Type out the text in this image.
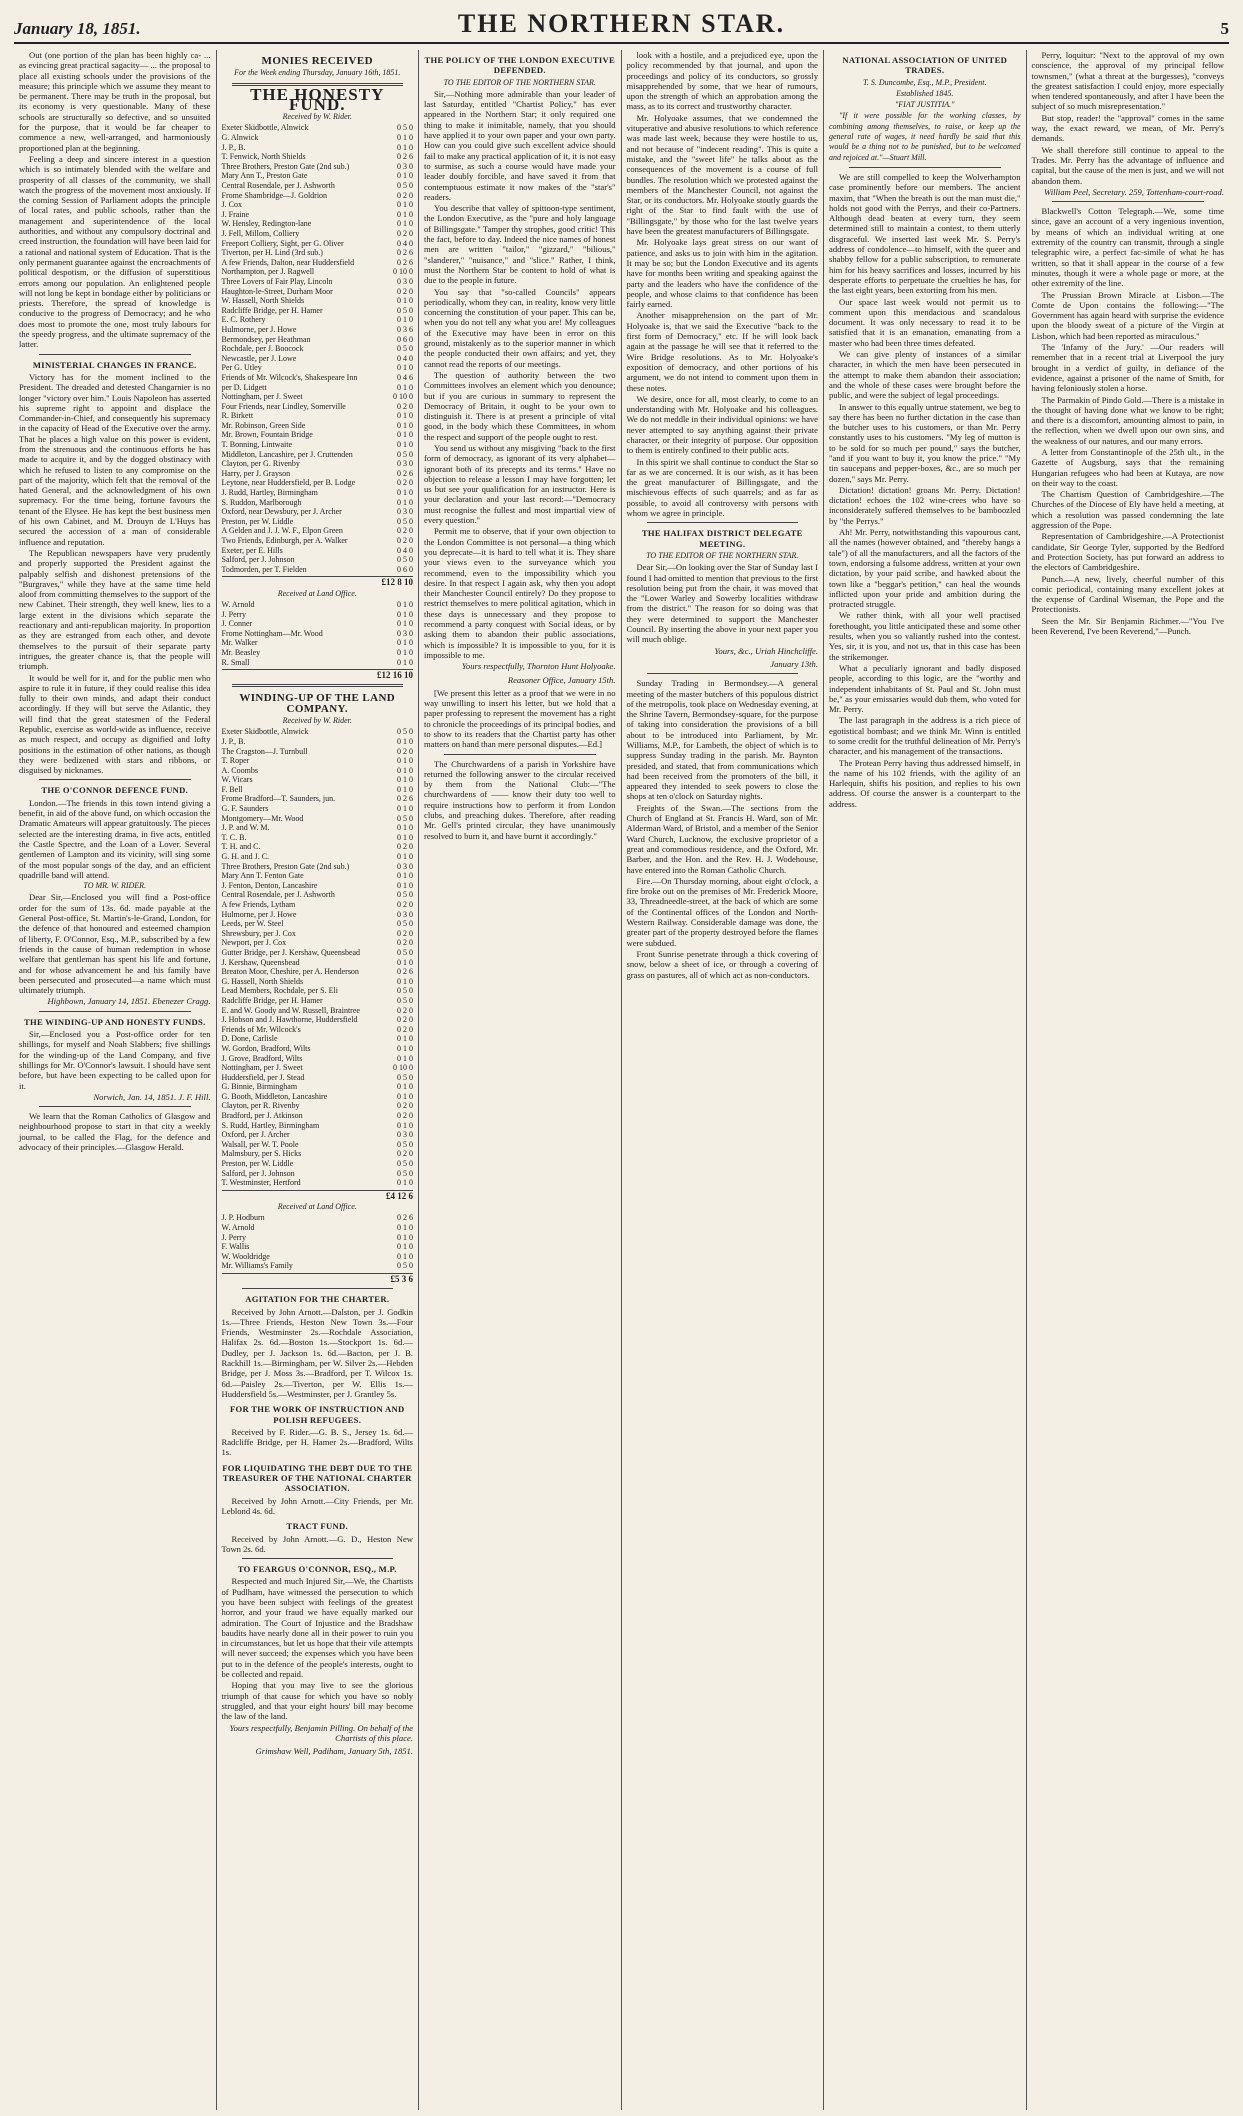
January 18, 1851.	THE NORTHERN STAR.	5

Out (one portion of the plan has been highly ca- ... as evincing great practical sagacity— ... the proposal to place all existing schools under the provisions of the measure; this principle which we assume they meant to be permanent. There may be truth in the proposal, but its economy is very questionable. Many of these schools are structurally so defective, and so unsuited for the purpose, that it would be far cheaper to commence a new, well-arranged, and harmoniously proportioned plan at the beginning.

Feeling a deep and sincere interest in a question which is so intimately blended with the welfare and prosperity of all classes of the community, we shall watch the progress of the movement most anxiously. If the coming Session of Parliament adopts the principle of local rates, and public schools, rather than the management and superintendence of the local authorities, and without any compulsory doctrinal and creed instruction, the foundation will have been laid for a rational and national system of Education. That is the only permanent guarantee against the encroachments of political despotism, or the diffusion of superstitious errors among our population. An enlightened people will not long be kept in bondage either by politicians or priests. Therefore, the spread of knowledge is conducive to the progress of Democracy; and he who does most to promote the one, most truly labours for the speedy progress, and the ultimate supremacy of the latter.

MINISTERIAL CHANGES IN FRANCE.

Victory has for the moment inclined to the President. The dreaded and detested Changarnier is no longer "victory over him." Louis Napoleon has asserted his supreme right to appoint and displace the Commander-in-Chief, and consequently his supremacy in the capacity of Head of the Executive over the army. That he places a high value on this power is evident, from the strenuous and the continuous efforts he has made to acquire it, and by the dogged obstinacy with which he refused to listen to any compromise on the part of the majority, which felt that the removal of the hated General, and the acknowledgment of his own supremacy. For the time being, fortune favours the tenant of the Elysee. He has kept the best business men of his own Cabinet, and M. Drouyn de L'Huys has secured the accession of a man of considerable influence and reputation.

The Republican newspapers have very prudently and properly supported the President against the palpably selfish and dishonest pretensions of the "Burgraves," while they have at the same time held aloof from committing themselves to the support of the new Cabinet. Their strength, they well knew, lies to a large extent in the divisions which separate the reactionary and anti-republican majority. In proportion as they are estranged from each other, and devote themselves to the pursuit of their separate party intrigues, the greater chance is, that the people will triumph.

It would be well for it, and for the public men who aspire to rule it in future, if they could realise this idea fully to their own minds, and adapt their conduct accordingly. If they will but serve the Atlantic, they will find that the great statesmen of the Federal Republic, exercise as world-wide as influence, receive as much respect, and occupy as dignified and lofty positions in the estimation of other nations, as though they were bedizened with stars and ribbons, or disguised by nicknames.

THE O'CONNOR DEFENCE FUND.

London.—The friends in this town intend giving a benefit, in aid of the above fund, on which occasion the Dramatic Amateurs will appear gratuitously. The pieces selected are the interesting drama, in five acts, entitled the Castle Spectre, and the Loan of a Lover. Several gentlemen of Lampton and its vicinity, will sing some of the most popular songs of the day, and an efficient quadrille band will attend.

TO MR. W. RIDER.

Dear Sir,—Enclosed you will find a Post-office order for the sum of 13s. 6d. made payable at the General Post-office, St. Martin's-le-Grand, London, for the defence of that honoured and esteemed champion of liberty, F. O'Connor, Esq., M.P., subscribed by a few friends in the cause of human redemption in whose welfare that gentleman has spent his life and fortune, and for whose advancement he and his family have been persecuted and prosecuted—a name which must ultimately triumph.

Highbown, January 14, 1851. Ebenezer Cragg.
THE WINDING-UP AND HONESTY FUNDS.

Sir,—Enclosed you a Post-office order for ten shillings, for myself and Noah Slabbers; five shillings for the winding-up of the Land Company, and five shillings for Mr. O'Connor's lawsuit. I should have sent before, but have been expecting to be called upon for it.

Norwich, Jan. 14, 1851. J. F. Hill.

We learn that the Roman Catholics of Glasgow and neighbourhood propose to start in that city a weekly journal, to be called the Flag, for the defence and advocacy of their principles.—Glasgow Herald.

MONIES RECEIVED
For the Week ending Thursday, January 16th, 1851.
THE HONESTY FUND.
Received by W. Rider.
Exeter Skidbottle, Alnwick	0 5 0
G. Alnwick	0 1 0
J. P., B.	0 1 0
T. Fenwick, North Shields	0 2 6
Three Brothers, Preston Gate (2nd sub.)	0 3 0
Mary Ann T., Preston Gate	0 1 0
Central Rosendale, per J. Ashworth	0 5 0
Frome Shambridge—J. Goldrion	0 2 0
J. Cox	0 1 0
J. Fraine	0 1 0
W. Hensley, Redington-lane	0 1 0
J. Fell, Millom, Colliery	0 2 0
Freeport Colliery, Sight, per G. Oliver	0 4 0
Tiverton, per H. Lind (3rd sub.)	0 2 6
A few Friends, Dalton, near Huddersfield	0 2 6
Northampton, per J. Ragwell	0 10 0
Three Lovers of Fair Play, Lincoln	0 3 0
Haughton-le-Street, Durham Moor	0 2 0
W. Hassell, North Shields	0 1 0
Radcliffe Bridge, per H. Hamer	0 5 0
E. C. Rothery	0 1 0
Hulmorne, per J. Howe	0 3 6
Bermondsey, per Heathman	0 6 0
Rochdale, per J. Boocock	0 5 0
Newcastle, per J. Lowe	0 4 0
Per G. Utley	0 1 0
Friends of Mr. Wilcock's, Shakespeare Inn	0 4 6
per D. Lidgett	0 1 0
Nottingham, per J. Sweet	0 10 0
Four Friends, near Lindley, Somerville	0 2 0
R. Birkett	0 1 0
Mr. Robinson, Green Side	0 1 0
Mr. Brown, Fountain Bridge	0 1 0
T. Bonning, Lintwaite	0 1 0
Middleton, Lancashire, per J. Cruttenden	0 5 0
Clayton, per G. Rivenby	0 3 0
Harry, per J. Grayson	0 2 6
Leytone, near Huddersfield, per B. Lodge	0 2 0
J. Rudd, Hartley, Birmingham	0 1 0
S. Ruddon, Marlborough	0 1 0
Oxford, near Dewsbury, per J. Archer	0 3 0
Preston, per W. Liddle	0 5 0
A Gelden and J. J. W. F., Elpon Green	0 2 0
Two Friends, Edinburgh, per A. Walker	0 2 0
Exeter, per E. Hills	0 4 0
Salford, per J. Johnson	0 5 0
Todmorden, per T. Fielden	0 6 0
£12 8 10
Received at Land Office.
W. Arnold	0 1 0
J. Perry	0 1 0
J. Conner	0 1 0
Frome Nottingham—Mr. Wood	0 3 0
Mr. Walker	0 1 0
Mr. Beasley	0 1 0
R. Small	0 1 0
£12 16 10
WINDING-UP OF THE LAND COMPANY.
Received by W. Rider.
Exeter Skidbottle, Alnwick	0 5 0
J. P., B.	0 1 0
The Cragston—J. Turnbull	0 2 0
T. Roper	0 1 0
A. Coombs	0 1 0
W. Vicars	0 1 0
F. Bell	0 1 0
Frome Bradford—T. Saunders, jun.	0 2 6
G. F. Saunders	0 1 0
Montgomery—Mr. Wood	0 5 0
J. P. and W. M.	0 1 0
T. C. B.	0 1 0
T. H. and C.	0 2 0
G. H. and J. C.	0 1 0
Three Brothers, Preston Gate (2nd sub.)	0 3 0
Mary Ann T. Fenton Gate	0 1 0
J. Fenton, Denton, Lancashire	0 1 0
Central Rosendale, per J. Ashworth	0 5 0
A few Friends, Lytham	0 2 0
Hulmorne, per J. Howe	0 3 0
Leeds, per W. Steel	0 5 0
Shrewsbury, per J. Cox	0 2 0
Newport, per J. Cox	0 2 0
Gutter Bridge, per J. Kershaw, Queensbead	0 5 0
J. Kershaw, Queensbead	0 1 0
Breaton Moor, Cheshire, per A. Henderson	0 2 6
G. Hassell, North Shields	0 1 0
Lead Members, Rochdale, per S. Eli	0 5 0
Radcliffe Bridge, per H. Hamer	0 5 0
E. and W. Goody and W. Russell, Braintree	0 2 0
J. Hobson and J. Hawthorne, Huddersfield	0 2 0
Friends of Mr. Wilcock's	0 2 0
D. Done, Carlisle	0 1 0
W. Gordon, Bradford, Wilts	0 1 0
J. Grove, Bradford, Wilts	0 1 0
Nottingham, per J. Sweet	0 10 0
Huddersfield, per J. Stead	0 5 0
G. Binnie, Birmingham	0 1 0
G. Booth, Middleton, Lancashire	0 1 0
Clayton, per R. Rivenby	0 2 0
Bradford, per J. Atkinson	0 2 0
S. Rudd, Hartley, Birmingham	0 1 0
Oxford, per J. Archer	0 3 0
Walsall, per W. T. Poole	0 5 0
Malmsbury, per S. Hicks	0 2 0
Preston, per W. Liddle	0 5 0
Salford, per J. Johnson	0 5 0
T. Westminster, Hertford	0 1 0
£4 12 6
Received at Land Office.
J. P. Hodburn	0 2 6
W. Arnold	0 1 0
J. Perry	0 1 0
F. Wallis	0 1 0
W. Wooldridge	0 1 0
Mr. Williams's Family	0 5 0
£5 3 6
AGITATION FOR THE CHARTER.

Received by John Arnott.—Dalston, per J. Godkin 1s.—Three Friends, Heston New Town 3s.—Four Friends, Westminster 2s.—Rochdale Association, Halifax 2s. 6d.—Boston 1s.—Stockport 1s. 6d.—Dudley, per J. Jackson 1s. 6d.—Bacton, per J. B. Rackhill 1s.—Birmingham, per W. Silver 2s.—Hebden Bridge, per J. Moss 3s.—Bradford, per T. Wilcox 1s. 6d.—Paisley 2s.—Tiverton, per W. Ellis 1s.—Huddersfield 5s.—Westminster, per J. Grantley 5s.

FOR THE WORK OF INSTRUCTION AND POLISH REFUGEES.

Received by F. Rider.—G. B. S., Jersey 1s. 6d.—Radcliffe Bridge, per H. Hamer 2s.—Bradford, Wilts 1s.

FOR LIQUIDATING THE DEBT DUE TO THE TREASURER OF THE NATIONAL CHARTER ASSOCIATION.

Received by John Arnott.—City Friends, per Mr. Leblond 4s. 6d.

TRACT FUND.

Received by John Arnott.—G. D., Heston New Town 2s. 6d.

TO FEARGUS O'CONNOR, ESQ., M.P.

Respected and much Injured Sir,—We, the Chartists of Pudlham, have witnessed the persecution to which you have been subject with feelings of the greatest horror, and your fraud we have equally marked our admiration. The Court of Injustice and the Bradshaw baudits have nearly done all in their power to ruin you in circumstances, but let us hope that their vile attempts will never succeed; the expenses which you have been put to in the defence of the people's interests, ought to be collected and repaid.

Hoping that you may live to see the glorious triumph of that cause for which you have so nobly struggled, and that your eight hours' bill may become the law of the land.

Yours respectfully, Benjamin Pilling. On behalf of the Chartists of this place.
Grimshaw Well, Padiham, January 5th, 1851.
THE POLICY OF THE LONDON EXECUTIVE DEFENDED.
TO THE EDITOR OF THE NORTHERN STAR.

Sir,—Nothing more admirable than your leader of last Saturday, entitled "Chartist Policy," has ever appeared in the Northern Star; it only required one thing to make it inimitable, namely, that you should have applied it to your own paper and your own party. How can you could give such excellent advice should fail to make any practical application of it, it is not easy to surmise, as such a course would have made your leader doubly forcible, and have saved it from that contemptuous estimate it now makes of the "star's" readers.

You describe that valley of spittoon-type sentiment, the London Executive, as the "pure and holy language of Billingsgate." Tamper thy strophes, good critic! This the fact, before to day. Indeed the nice names of honest men are written "tailor," "gizzard," "bilious," "slanderer," "nuisance," and "slice." Rather, I think, must the Northern Star be content to hold of what is due to the people in future.

You say that "so-called Councils" appears periodically, whom they can, in reality, know very little concerning the constitution of your paper. This can be, when you do not tell any what you are! My colleagues of the Executive may have been in error on this ground, mistakenly as to the superior manner in which the people conducted their own affairs; and yet, they cannot read the reports of our meetings.

The question of authority between the two Committees involves an element which you denounce; but if you are curious in summary to represent the Democracy of Britain, it ought to be your own to distinguish it. There is at present a principle of vital good, in the body which these Committees, in whom the respect and support of the people ought to rest.

You send us without any misgiving "back to the first form of democracy, as ignorant of its very alphabet—ignorant both of its precepts and its terms." Have no objection to release a lesson I may have forgotten; let us but see your qualification for an instructor. Here is your declaration and your last record:—"Democracy must recognise the fullest and most impartial view of every question."

Permit me to observe, that if your own objection to the London Committee is not personal—a thing which you deprecate—it is hard to tell what it is. They share your views even to the surveyance which you recommend, even to the impossibility which you desire. In that respect I again ask, why then you adopt their Manchester Council entirely? Do they propose to restrict themselves to mere political agitation, which in these days is unnecessary and they propose to recommend a party conquest with Social ideas, or by asking them to abandon their public associations, which is impossible? It is impossible to you, for it is impossible to me.

Yours respectfully, Thornton Hunt Holyoake.
Reasoner Office, January 15th.

[We present this letter as a proof that we were in no way unwilling to insert his letter, but we hold that a paper professing to represent the movement has a right to chronicle the proceedings of its principal bodies, and to show to its readers that the Chartist party has other matters on hand than mere personal disputes.—Ed.]

The Churchwardens of a parish in Yorkshire have returned the following answer to the circular received by them from the National Club:—"The churchwardens of —— know their duty too well to require instructions how to perform it from London clubs, and preaching dukes. Therefore, after reading Mr. Gell's printed circular, they have unanimously resolved to burn it, and have burnt it accordingly."

look with a hostile, and a prejudiced eye, upon the policy recommended by that journal, and upon the proceedings and policy of its conductors, so grossly misapprehended by some, that we hear of rumours, upon the strength of which an approbation among the mass, as to its correct and trustworthy character.

Mr. Holyoake assumes, that we condemned the vituperative and abusive resolutions to which reference was made last week, because they were hostile to us, and not because of "indecent reading". This is quite a mistake, and the "sweet life" he talks about as the consequences of the movement is a course of full bundles. The resolution which we protested against the members of the Manchester Council, not against the Star, or its conductors. Mr. Holyoake stoutly guards the right of the Star to find fault with the use of "Billingsgate," by those who for the last twelve years have been the greatest manufacturers of Billingsgate.

Mr. Holyoake lays great stress on our want of patience, and asks us to join with him in the agitation. It may be so; but the London Executive and its agents have for months been writing and speaking against the party and the leaders who have the confidence of the people, and whose claims to that confidence has been fairly earned.

Another misapprehension on the part of Mr. Holyoake is, that we said the Executive "back to the first form of Democracy," etc. If he will look back again at the passage he will see that it referred to the Wire Bridge resolutions. As to Mr. Holyoake's exposition of democracy, and other portions of his argument, we do not intend to comment upon them in these notes.

We desire, once for all, most clearly, to come to an understanding with Mr. Holyoake and his colleagues. We do not meddle in their individual opinions: we have never attempted to say anything against their private character, or their integrity of purpose. Our opposition to them is entirely confined to their public acts.

In this spirit we shall continue to conduct the Star so far as we are concerned. It is our wish, as it has been the great manufacturer of Billingsgate, and the mischievous effects of such quarrels; and as far as possible, to avoid all controversy with persons with whom we agree in principle.

THE HALIFAX DISTRICT DELEGATE MEETING.
TO THE EDITOR OF THE NORTHERN STAR.

Dear Sir,—On looking over the Star of Sunday last I found I had omitted to mention that previous to the first resolution being put from the chair, it was moved that the "Lower Warley and Sowerby localities withdraw from the district." The reason for so doing was that they were determined to support the Manchester Council. By inserting the above in your next paper you will much oblige.

Yours, &c., Uriah Hinchcliffe.
January 13th.

Sunday Trading in Bermondsey.—A general meeting of the master butchers of this populous district of the metropolis, took place on Wednesday evening, at the Shrine Tavern, Bermondsey-square, for the purpose of taking into consideration the provisions of a bill about to be introduced into Parliament, by Mr. Williams, M.P., for Lambeth, the object of which is to suppress Sunday trading in the parish. Mr. Baynton presided, and stated, that from communications which had been received from the promoters of the bill, it appeared they intended to seek powers to close the shops at ten o'clock on Saturday nights.

Freights of the Swan.—The sections from the Church of England at St. Francis H. Ward, son of Mr. Alderman Ward, of Bristol, and a member of the Senior Ward Church, Lucknow, the exclusive proprietor of a great and commodious residence, and the Oxford, Mr. Barber, and the Hon. and the Rev. H. J. Wodehouse, have entered into the Roman Catholic Church.

Fire.—On Thursday morning, about eight o'clock, a fire broke out on the premises of Mr. Frederick Moore, 33, Threadneedle-street, at the back of which are some of the Continental offices of the London and North-Western Railway. Considerable damage was done, the greater part of the property destroyed before the flames were subdued.

Front Sunrise penetrate through a thick covering of snow, below a sheet of ice, or through a covering of grass on pastures, all of which act as non-conductors.

NATIONAL ASSOCIATION OF UNITED TRADES.
T. S. Duncombe, Esq., M.P., President.
Established 1845.
"FIAT JUSTITIA."

"If it were possible for the working classes, by combining among themselves, to raise, or keep up the general rate of wages, it need hardly be said that this would be a thing not to be punished, but to be welcomed and rejoiced at."—Stuart Mill.

We are still compelled to keep the Wolverhampton case prominently before our members. The ancient maxim, that "When the breath is out the man must die," holds not good with the Perrys, and their co-Partners. Although dead beaten at every turn, they seem determined still to maintain a contest, to them utterly disgraceful. We inserted last week Mr. S. Perry's address of condolence—to himself, with the queer and shabby fellow for a public subscription, to remunerate him for his heavy sacrifices and losses, incurred by his desperate efforts to perpetuate the cruelties he has, for the last eight years, been extorting from his men.

Our space last week would not permit us to comment upon this mendacious and scandalous document. It was only necessary to read it to be satisfied that it is an emanation, emanating from a master who had been three times defeated.

We can give plenty of instances of a similar character, in which the men have been persecuted in the attempt to make them abandon their association; and the whole of these cases were brought before the public, and were the subject of legal proceedings.

In answer to this equally untrue statement, we beg to say there has been no further dictation in the case than the butcher uses to his customers, or than Mr. Perry constantly uses to his customers. "My leg of mutton is to be sold for so much per pound," says the butcher, "and if you want to buy it, you know the price." "My tin saucepans and pepper-boxes, &c., are so much per dozen," says Mr. Perry.

Dictation! dictation! groans Mr. Perry. Dictation! dictation! echoes the 102 wine-crees who have so inconsiderately suffered themselves to be bamboozled by "the Perrys."

Ah! Mr. Perry, notwithstanding this vapourous cant, all the names (however obtained, and "thereby hangs a tale") of all the manufacturers, and all the factors of the town, endorsing a fulsome address, written at your own dictation, by your paid scribe, and hawked about the town like a "beggar's petition," can heal the wounds inflicted upon your pride and ambition during the protracted struggle.

We rather think, with all your well practised forethought, you little anticipated these and some other results, when you so valiantly rushed into the contest. Yes, sir, it is you, and not us, that in this case has been the strikemonger.

What a peculiarly ignorant and badly disposed people, according to this logic, are the "worthy and independent inhabitants of St. Paul and St. John must be," as your emissaries would dub them, who voted for Mr. Perry.

The last paragraph in the address is a rich piece of egotistical bombast; and we think Mr. Winn is entitled to some credit for the truthful delineation of Mr. Perry's character, and his management of the transactions.

The Protean Perry having thus addressed himself, in the name of his 102 friends, with the agility of an Harlequin, shifts his position, and replies to his own address. Of course the answer is a counterpart to the address.

Perry, loquitur: "Next to the approval of my own conscience, the approval of my principal fellow townsmen," (what a threat at the burgesses), "conveys the greatest satisfaction I could enjoy, more especially when tendered spontaneously, and after I have been the subject of so much misrepresentation."

But stop, reader! the "approval" comes in the same way, the exact reward, we mean, of Mr. Perry's demands.

We shall therefore still continue to appeal to the Trades. Mr. Perry has the advantage of influence and capital, but the cause of the men is just, and we will not abandon them.

William Peel, Secretary. 259, Tottenham-court-road.

Blackwell's Cotton Telegraph.—We, some time since, gave an account of a very ingenious invention, by means of which an individual writing at one extremity of the country can transmit, through a single telegraphic wire, a perfect fac-simile of what he has written, so that it shall appear in the course of a few minutes, though it were a whole page or more, at the other extremity of the line.

The Prussian Brown Miracle at Lisbon.—The Comte de Upon contains the following:—"The Government has again heard with surprise the evidence upon the bloody sweat of a picture of the Virgin at Lisbon, which had been reported as miraculous."

The 'Infamy of the Jury.' —Our readers will remember that in a recent trial at Liverpool the jury brought in a verdict of guilty, in defiance of the evidence, against a prisoner of the name of Smith, for having feloniously stolen a horse.

The Parmakin of Pindo Gold.—There is a mistake in the thought of having done what we know to be right; and there is a discomfort, amounting almost to pain, in the reflection, when we dwell upon our own sins, and the weakness of our natures, and our many errors.

A letter from Constantinople of the 25th ult., in the Gazette of Augsburg, says that the remaining Hungarian refugees who had been at Kutaya, are now on their way to the coast.

The Chartism Question of Cambridgeshire.—The Churches of the Diocese of Ely have held a meeting, at which a resolution was passed condemning the late aggression of the Pope.

Representation of Cambridgeshire.—A Protectionist candidate, Sir George Tyler, supported by the Bedford and Protection Society, has put forward an address to the electors of Cambridgeshire.

Punch.—A new, lively, cheerful number of this comic periodical, containing many excellent jokes at the expense of Cardinal Wiseman, the Pope and the Protectionists.

Seen the Mr. Sir Benjamin Richmer.—"You I've been Reverend, I've been Reverend,"—Punch.
